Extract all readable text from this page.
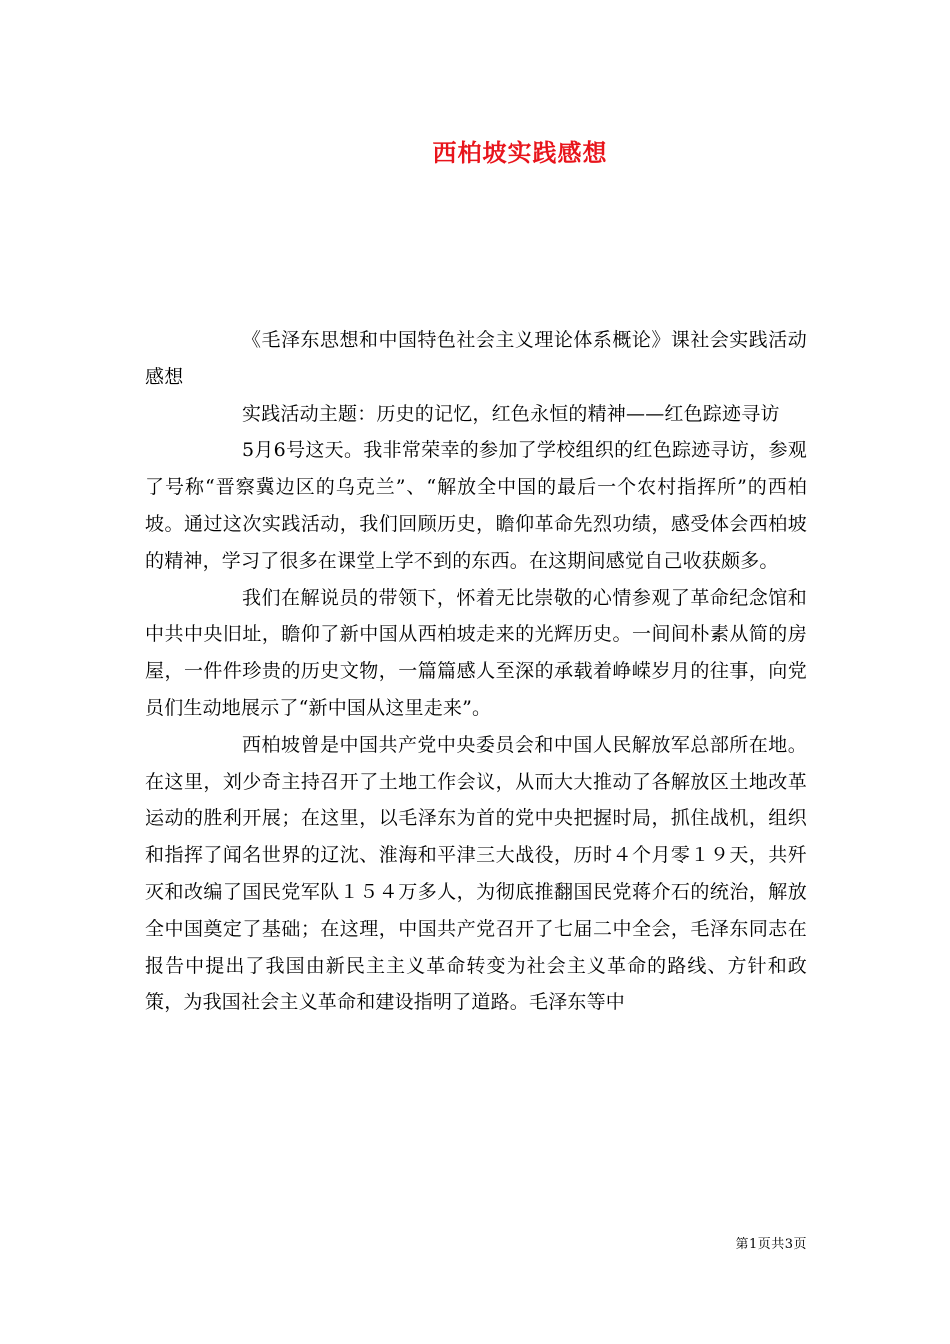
西柏坡实践感想

《毛泽东思想和中国特色社会主义理论体系概论》课社会实践活动感想

实践活动主题：历史的记忆，红色永恒的精神——红色踪迹寻访

5月6号这天。我非常荣幸的参加了学校组织的红色踪迹寻访，参观了号称“晋察冀边区的乌克兰”、“解放全中国的最后一个农村指挥所”的西柏坡。通过这次实践活动，我们回顾历史，瞻仰革命先烈功绩，感受体会西柏坡的精神，学习了很多在课堂上学不到的东西。在这期间感觉自己收获颇多。

我们在解说员的带领下，怀着无比崇敬的心情参观了革命纪念馆和中共中央旧址，瞻仰了新中国从西柏坡走来的光辉历史。一间间朴素从简的房屋，一件件珍贵的历史文物，一篇篇感人至深的承载着峥嵘岁月的往事，向党员们生动地展示了“新中国从这里走来”。

西柏坡曾是中国共产党中央委员会和中国人民解放军总部所在地。在这里，刘少奇主持召开了土地工作会议，从而大大推动了各解放区土地改革运动的胜利开展；在这里，以毛泽东为首的党中央把握时局，抓住战机，组织和指挥了闻名世界的辽沈、淮海和平津三大战役，历时４个月零１９天，共歼灭和改编了国民党军队１５４万多人，为彻底推翻国民党蒋介石的统治，解放全中国奠定了基础；在这理，中国共产党召开了七届二中全会，毛泽东同志在报告中提出了我国由新民主主义革命转变为社会主义革命的路线、方针和政策，为我国社会主义革命和建设指明了道路。毛泽东等中

第1页共3页
